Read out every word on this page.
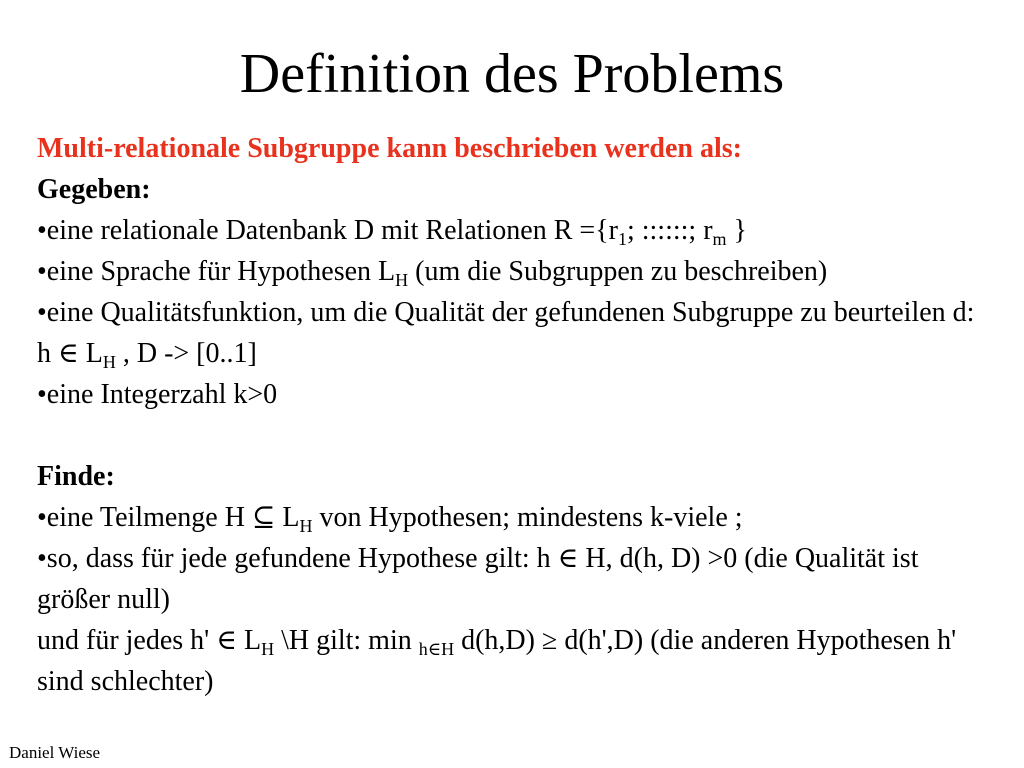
Definition des Problems
Multi-relationale Subgruppe kann beschrieben werden als:
Gegeben:
•eine relationale Datenbank D mit Relationen $R =\{r_1$; ::::::; $r_m$ }
•eine Sprache für Hypothesen $L_H$ (um die Subgruppen zu beschreiben)
•eine Qualitätsfunktion, um die Qualität der gefundenen Subgruppe zu beurteilen d: h ∈ $L_H$ , D -> [0..1]
•eine Integerzahl k>0
Finde:
•eine Teilmenge H ⊆ $L_H$ von Hypothesen; mindestens k-viele ;
•so, dass für jede gefundene Hypothese gilt: h ∈ H, d(h, D) >0 (die Qualität ist größer null)
und für jedes h' ∈ $L_H$ \H gilt: min $_{h\in H}$ d(h,D) ≥ d(h',D) (die anderen Hypothesen h' sind schlechter)
Daniel Wiese
